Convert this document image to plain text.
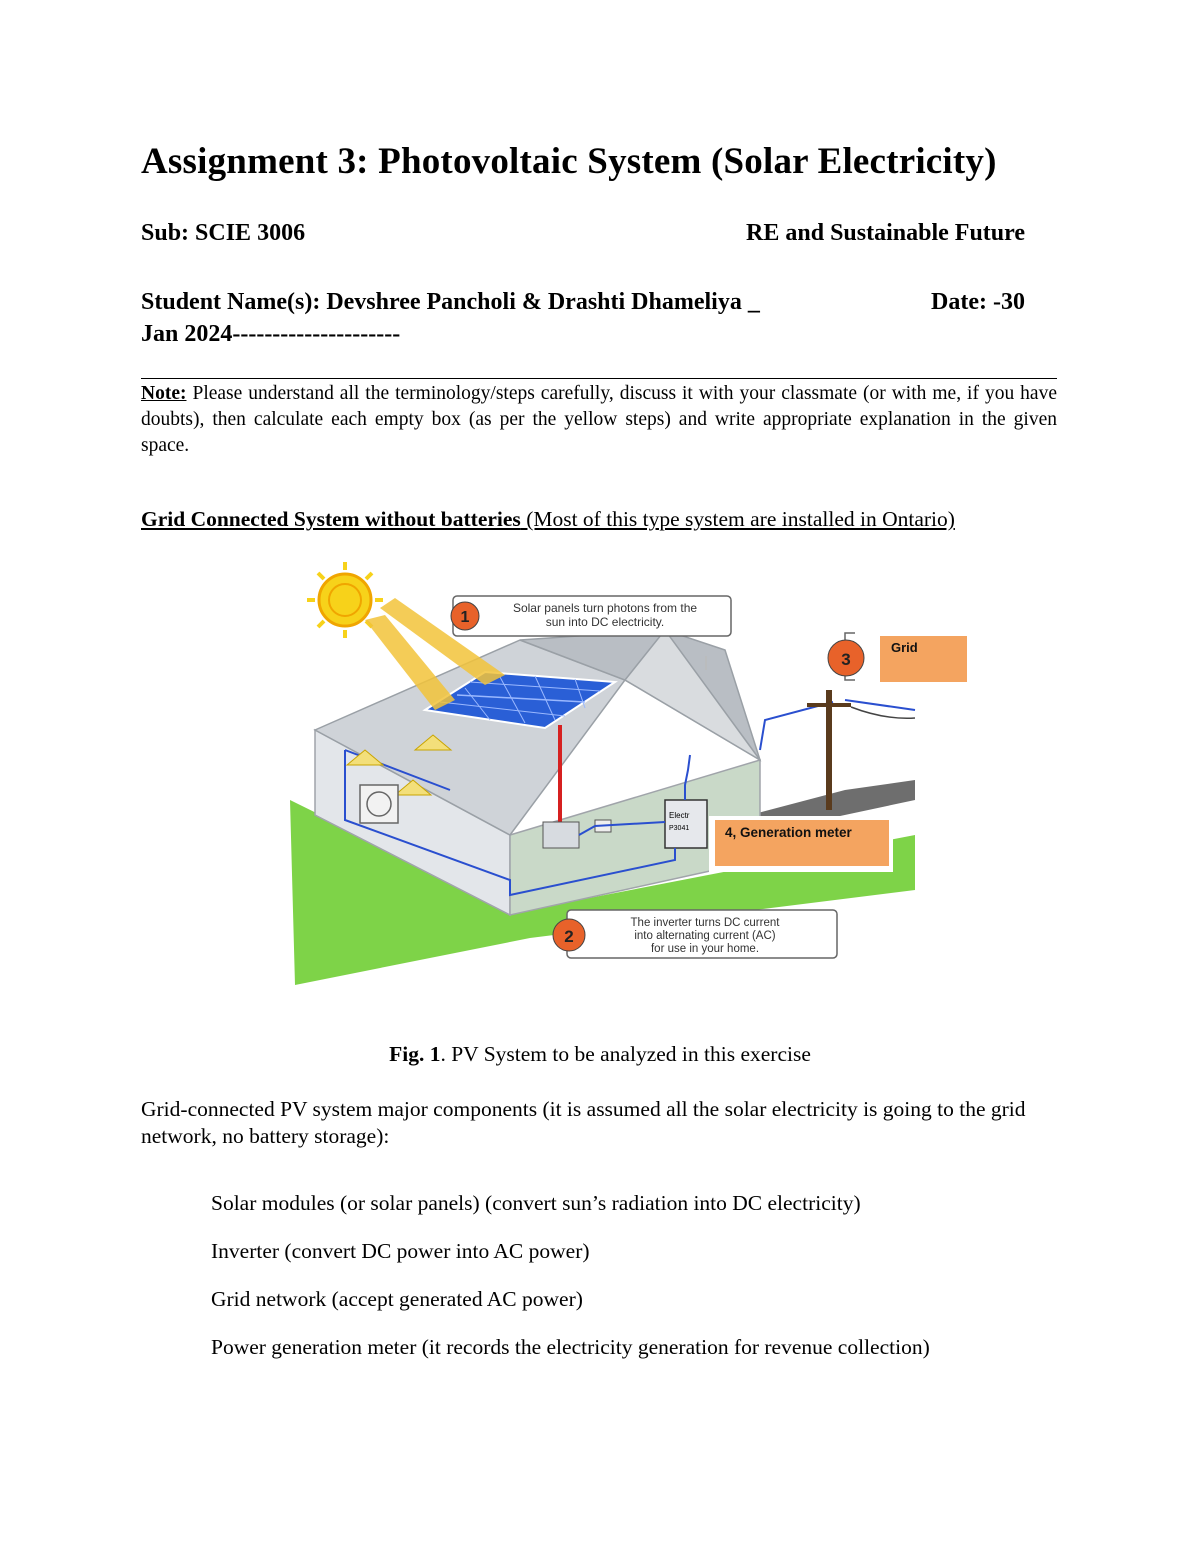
Assignment 3: Photovoltaic System (Solar Electricity)
Sub: SCIE 3006	RE and Sustainable Future
Student Name(s): Devshree Pancholi & Drashti Dhameliya _	Date: -30
Jan 2024---------------------
Note: Please understand all the terminology/steps carefully, discuss it with your classmate (or with me, if you have doubts), then calculate each empty box (as per the yellow steps) and write appropriate explanation in the given space.
Grid Connected System without batteries (Most of this type system are installed in Ontario)
Electr
P3041
1
Solar panels turn photons from the
sun into DC electricity.
2
The inverter turns DC current
into alternating current (AC)
for use in your home.
3
Grid
4, Generation meter
Fig. 1. PV System to be analyzed in this exercise
Grid-connected PV system major components (it is assumed all the solar electricity is going to the grid network, no battery storage):
Solar modules (or solar panels) (convert sun’s radiation into DC electricity)
Inverter (convert DC power into AC power)
Grid network (accept generated AC power)
Power generation meter (it records the electricity generation for revenue collection)
